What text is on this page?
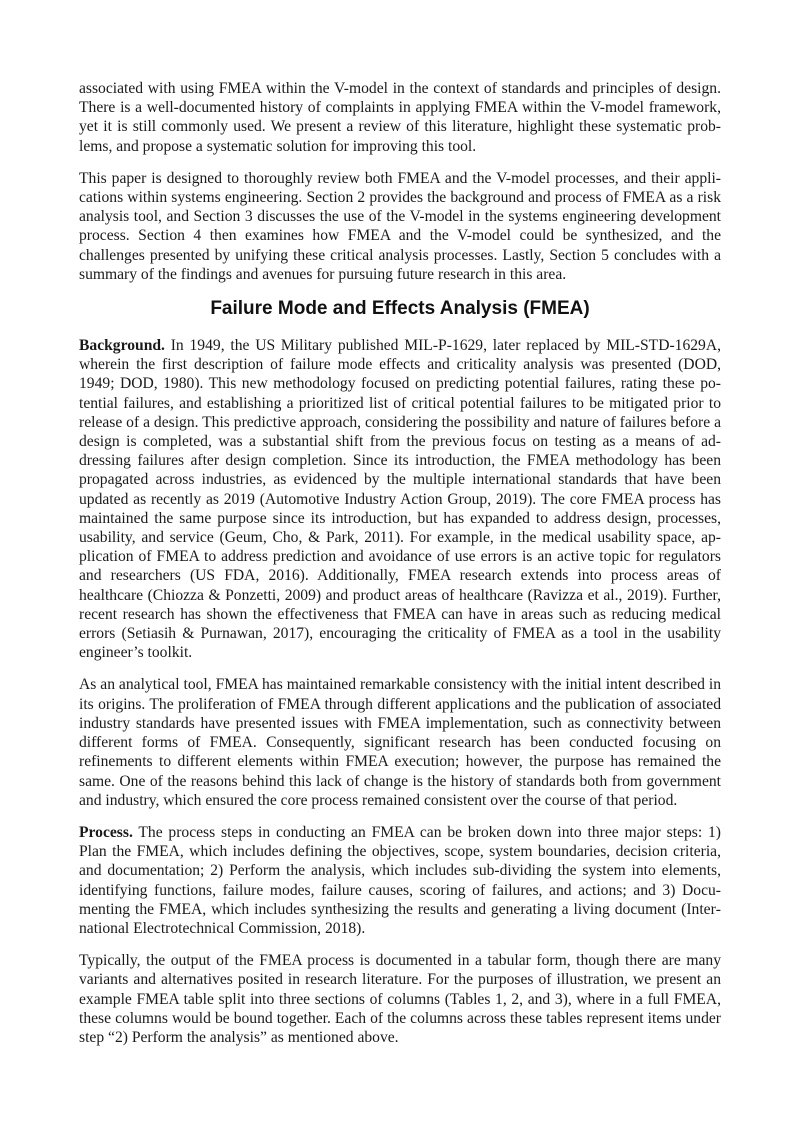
associated with using FMEA within the V-model in the context of standards and principles of design. There is a well-documented history of complaints in applying FMEA within the V-model framework, yet it is still commonly used. We present a review of this literature, highlight these systematic problems, and propose a systematic solution for improving this tool.

This paper is designed to thoroughly review both FMEA and the V-model processes, and their applications within systems engineering. Section 2 provides the background and process of FMEA as a risk analysis tool, and Section 3 discusses the use of the V-model in the systems engineering development process. Section 4 then examines how FMEA and the V-model could be synthesized, and the challenges presented by unifying these critical analysis processes. Lastly, Section 5 concludes with a summary of the findings and avenues for pursuing future research in this area.

Failure Mode and Effects Analysis (FMEA)

Background. In 1949, the US Military published MIL-P-1629, later replaced by MIL-STD-1629A, wherein the first description of failure mode effects and criticality analysis was presented (DOD, 1949; DOD, 1980). This new methodology focused on predicting potential failures, rating these potential failures, and establishing a prioritized list of critical potential failures to be mitigated prior to release of a design. This predictive approach, considering the possibility and nature of failures before a design is completed, was a substantial shift from the previous focus on testing as a means of addressing failures after design completion. Since its introduction, the FMEA methodology has been propagated across industries, as evidenced by the multiple international standards that have been updated as recently as 2019 (Automotive Industry Action Group, 2019). The core FMEA process has maintained the same purpose since its introduction, but has expanded to address design, processes, usability, and service (Geum, Cho, & Park, 2011). For example, in the medical usability space, application of FMEA to address prediction and avoidance of use errors is an active topic for regulators and researchers (US FDA, 2016). Additionally, FMEA research extends into process areas of healthcare (Chiozza & Ponzetti, 2009) and product areas of healthcare (Ravizza et al., 2019). Further, recent research has shown the effectiveness that FMEA can have in areas such as reducing medical errors (Setiasih & Purnawan, 2017), encouraging the criticality of FMEA as a tool in the usability engineer’s toolkit.

As an analytical tool, FMEA has maintained remarkable consistency with the initial intent described in its origins. The proliferation of FMEA through different applications and the publication of associated industry standards have presented issues with FMEA implementation, such as connectivity between different forms of FMEA. Consequently, significant research has been conducted focusing on refinements to different elements within FMEA execution; however, the purpose has remained the same. One of the reasons behind this lack of change is the history of standards both from government and industry, which ensured the core process remained consistent over the course of that period.

Process. The process steps in conducting an FMEA can be broken down into three major steps: 1) Plan the FMEA, which includes defining the objectives, scope, system boundaries, decision criteria, and documentation; 2) Perform the analysis, which includes sub-dividing the system into elements, identifying functions, failure modes, failure causes, scoring of failures, and actions; and 3) Documenting the FMEA, which includes synthesizing the results and generating a living document (International Electrotechnical Commission, 2018).

Typically, the output of the FMEA process is documented in a tabular form, though there are many variants and alternatives posited in research literature. For the purposes of illustration, we present an example FMEA table split into three sections of columns (Tables 1, 2, and 3), where in a full FMEA, these columns would be bound together. Each of the columns across these tables represent items under step “2) Perform the analysis” as mentioned above.
